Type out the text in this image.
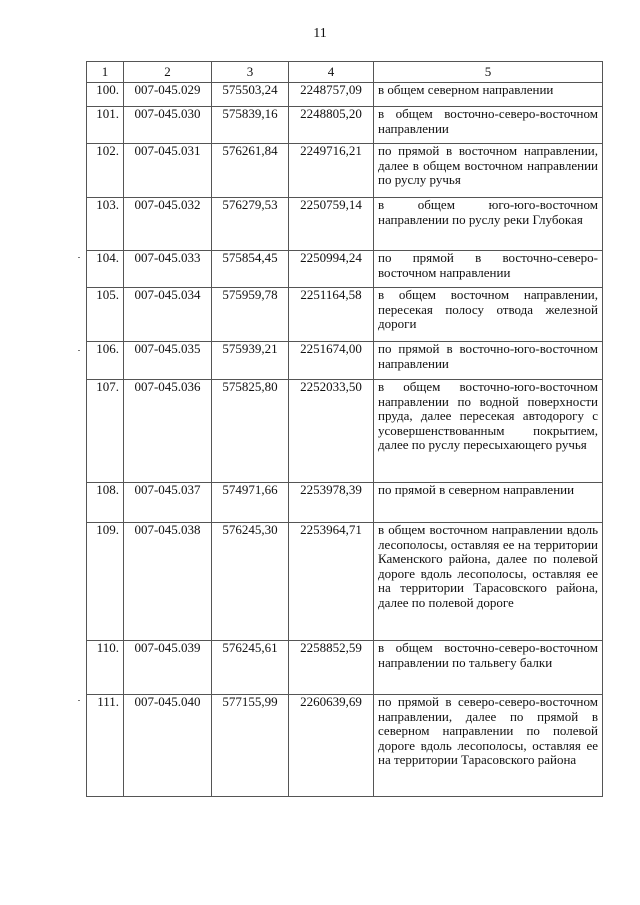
11
1	2	3	4	5
100.	007-045.029	575503,24	2248757,09	в общем северном направлении
101.	007-045.030	575839,16	2248805,20	в общем восточно-северо-восточном направлении
102.	007-045.031	576261,84	2249716,21	по прямой в восточном направлении, далее в общем восточном направлении по руслу ручья
103.	007-045.032	576279,53	2250759,14	в общем юго-юго-восточном направлении по руслу реки Глубокая
104.	007-045.033	575854,45	2250994,24	по прямой в восточно-северо-восточном направлении
105.	007-045.034	575959,78	2251164,58	в общем восточном направлении, пересекая полосу отвода железной дороги
106.	007-045.035	575939,21	2251674,00	по прямой в восточно-юго-восточном направлении
107.	007-045.036	575825,80	2252033,50	в общем восточно-юго-восточном направлении по водной поверхности пруда, далее пересекая автодорогу с усовершенствованным покрытием, далее по руслу пересыхающего ручья
108.	007-045.037	574971,66	2253978,39	по прямой в северном направлении
109.	007-045.038	576245,30	2253964,71	в общем восточном направлении вдоль лесополосы, оставляя ее на территории Каменского района, далее по полевой дороге вдоль лесополосы, оставляя ее на территории Тарасовского района, далее по полевой дороге
110.	007-045.039	576245,61	2258852,59	в общем восточно-северо-восточном направлении по тальвегу балки
111.	007-045.040	577155,99	2260639,69	по прямой в северо-северо-восточном направлении, далее по прямой в северном направлении по полевой дороге вдоль лесополосы, оставляя ее на территории Тарасовского района
